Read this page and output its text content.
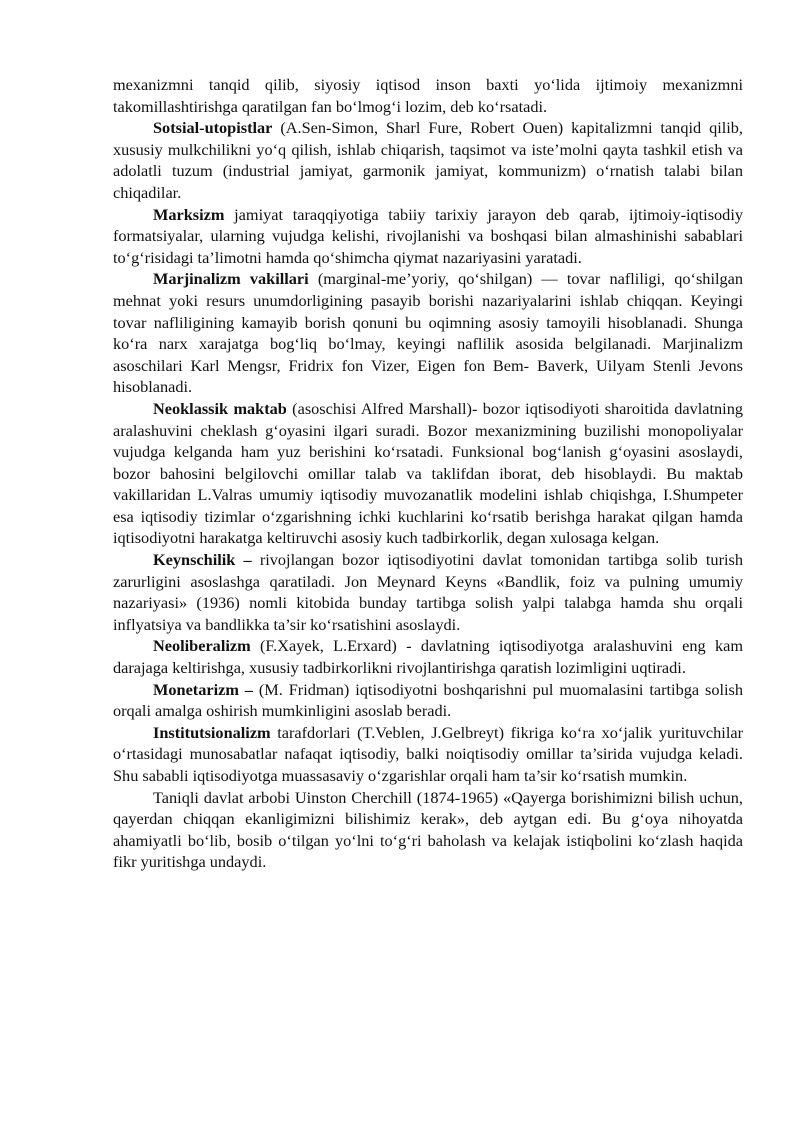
mexanizmni tanqid qilib, siyosiy iqtisod inson baxti yo‘lida ijtimoiy mexanizmni takomillashtirishga qaratilgan fan bo‘lmog‘i lozim, deb ko‘rsatadi.

Sotsial-utopistlar (A.Sen-Simon, Sharl Fure, Robert Ouen) kapitalizmni tanqid qilib, xususiy mulkchilikni yo‘q qilish, ishlab chiqarish, taqsimot va iste’molni qayta tashkil etish va adolatli tuzum (industrial jamiyat, garmonik jamiyat, kommunizm) o‘rnatish talabi bilan chiqadilar.

Marksizm jamiyat taraqqiyotiga tabiiy tarixiy jarayon deb qarab, ijtimoiy-iqtisodiy formatsiyalar, ularning vujudga kelishi, rivojlanishi va boshqasi bilan almashinishi sabablari to‘g‘risidagi ta’limotni hamda qo‘shimcha qiymat nazariyasini yaratadi.

Marjinalizm vakillari (marginal-me’yoriy, qo‘shilgan) — tovar nafliligi, qo‘shilgan mehnat yoki resurs unumdorligining pasayib borishi nazariyalarini ishlab chiqqan. Keyingi tovar nafliligining kamayib borish qonuni bu oqimning asosiy tamoyili hisoblanadi. Shunga ko‘ra narx xarajatga bog‘liq bo‘lmay, keyingi naflilik asosida belgilanadi. Marjinalizm asoschilari Karl Mengsr, Fridrix fon Vizer, Eigen fon Bem- Baverk, Uilyam Stenli Jevons hisoblanadi.

Neoklassik maktab (asoschisi Alfred Marshall)- bozor iqtisodiyoti sharoitida davlatning aralashuvini cheklash g‘oyasini ilgari suradi. Bozor mexanizmining buzilishi monopoliyalar vujudga kelganda ham yuz berishini ko‘rsatadi. Funksional bog‘lanish g‘oyasini asoslaydi, bozor bahosini belgilovchi omillar talab va taklifdan iborat, deb hisoblaydi. Bu maktab vakillaridan L.Valras umumiy iqtisodiy muvozanatlik modelini ishlab chiqishga, I.Shumpeter esa iqtisodiy tizimlar o‘zgarishning ichki kuchlarini ko‘rsatib berishga harakat qilgan hamda iqtisodiyotni harakatga keltiruvchi asosiy kuch tadbirkorlik, degan xulosaga kelgan.

Keynschilik – rivojlangan bozor iqtisodiyotini davlat tomonidan tartibga solib turish zarurligini asoslashga qaratiladi. Jon Meynard Keyns «Bandlik, foiz va pulning umumiy nazariyasi» (1936) nomli kitobida bunday tartibga solish yalpi talabga hamda shu orqali inflyatsiya va bandlikka ta’sir ko‘rsatishini asoslaydi.

Neoliberalizm (F.Xayek, L.Erxard) - davlatning iqtisodiyotga aralashuvini eng kam darajaga keltirishga, xususiy tadbirkorlikni rivojlantirishga qaratish lozimligini uqtiradi.

Monetarizm – (M. Fridman) iqtisodiyotni boshqarishni pul muomalasini tartibga solish orqali amalga oshirish mumkinligini asoslab beradi.

Institutsionalizm tarafdorlari (T.Veblen, J.Gelbreyt) fikriga ko‘ra xo‘jalik yurituvchilar o‘rtasidagi munosabatlar nafaqat iqtisodiy, balki noiqtisodiy omillar ta’sirida vujudga keladi. Shu sababli iqtisodiyotga muassasaviy o‘zgarishlar orqali ham ta’sir ko‘rsatish mumkin.

Taniqli davlat arbobi Uinston Cherchill (1874-1965) «Qayerga borishimizni bilish uchun, qayerdan chiqqan ekanligimizni bilishimiz kerak», deb aytgan edi. Bu g‘oya nihoyatda ahamiyatli bo‘lib, bosib o‘tilgan yo‘lni to‘g‘ri baholash va kelajak istiqbolini ko‘zlash haqida fikr yuritishga undaydi.
